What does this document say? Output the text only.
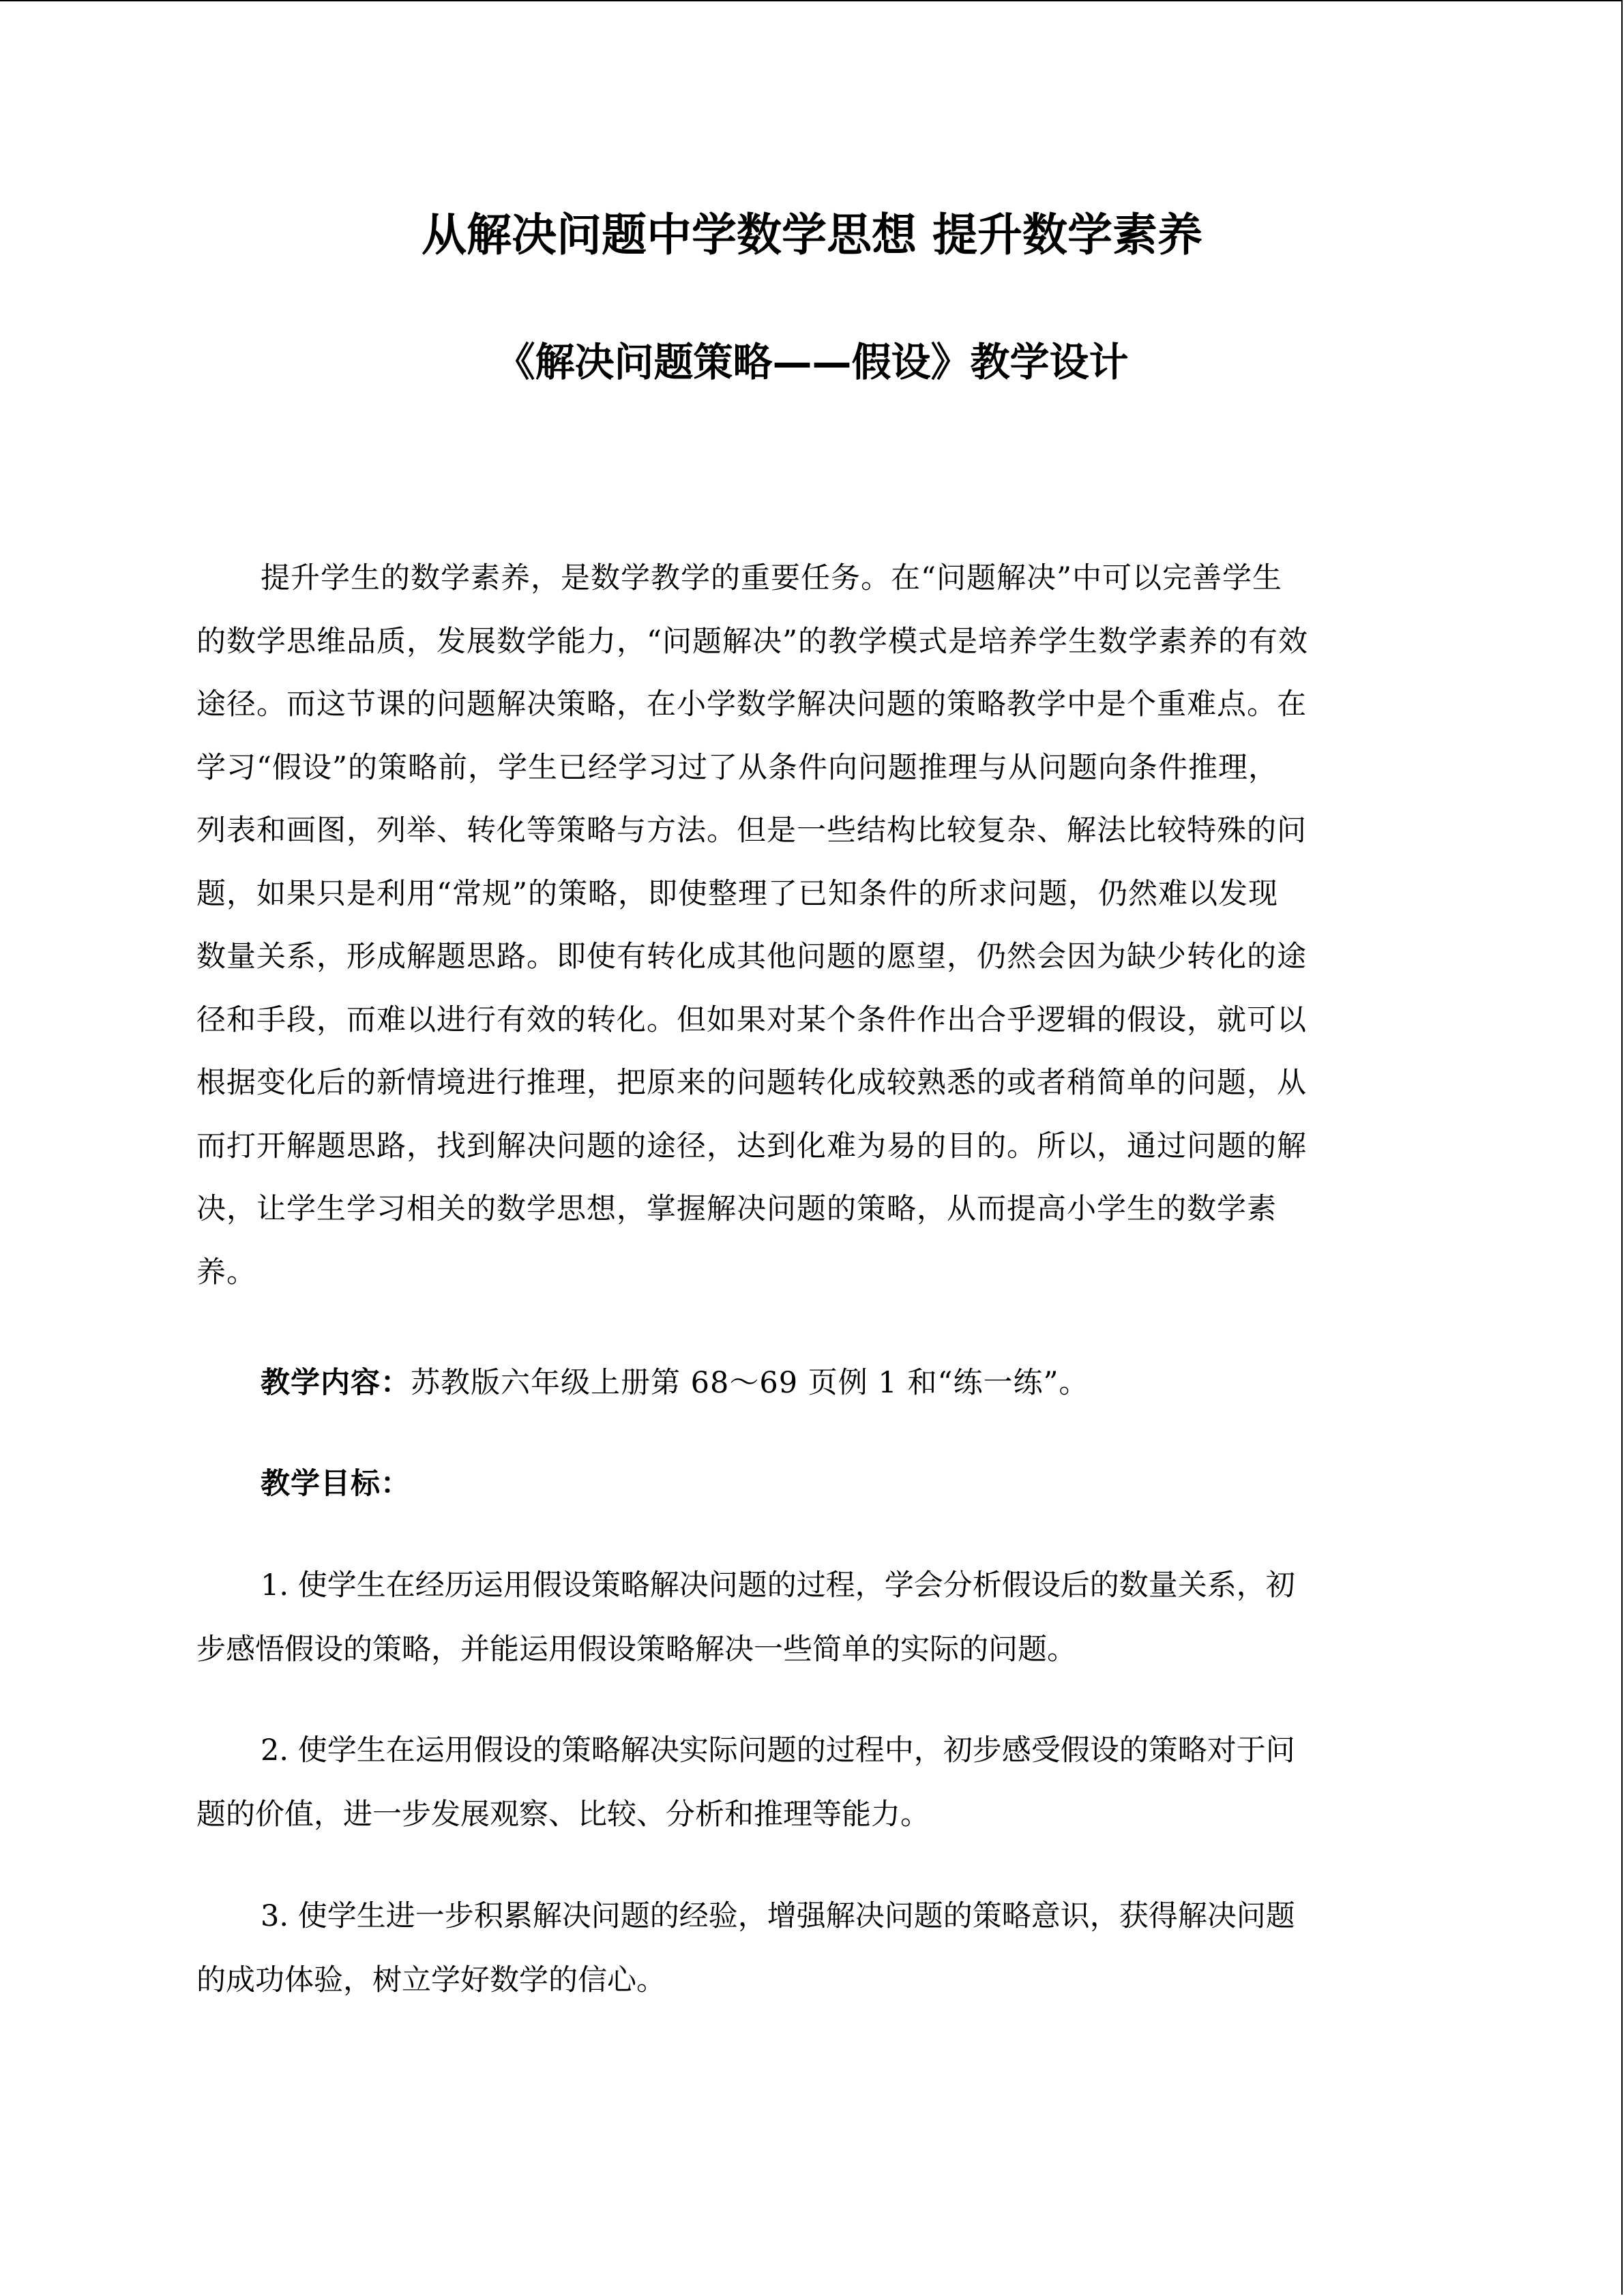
从解决问题中学数学思想 提升数学素养
《解决问题策略——假设》教学设计
提升学生的数学素养，是数学教学的重要任务。在“问题解决”中可以完善学生
的数学思维品质，发展数学能力，“问题解决”的教学模式是培养学生数学素养的有效
途径。而这节课的问题解决策略，在小学数学解决问题的策略教学中是个重难点。在
学习“假设”的策略前，学生已经学习过了从条件向问题推理与从问题向条件推理，
列表和画图，列举、转化等策略与方法。但是一些结构比较复杂、解法比较特殊的问
题，如果只是利用“常规”的策略，即使整理了已知条件的所求问题，仍然难以发现
数量关系，形成解题思路。即使有转化成其他问题的愿望，仍然会因为缺少转化的途
径和手段，而难以进行有效的转化。但如果对某个条件作出合乎逻辑的假设，就可以
根据变化后的新情境进行推理，把原来的问题转化成较熟悉的或者稍简单的问题，从
而打开解题思路，找到解决问题的途径，达到化难为易的目的。所以，通过问题的解
决，让学生学习相关的数学思想，掌握解决问题的策略，从而提高小学生的数学素
养。
教学内容：苏教版六年级上册第 68～69 页例 1 和“练一练”。
教学目标：
1. 使学生在经历运用假设策略解决问题的过程，学会分析假设后的数量关系，初
步感悟假设的策略，并能运用假设策略解决一些简单的实际的问题。
2. 使学生在运用假设的策略解决实际问题的过程中，初步感受假设的策略对于问
题的价值，进一步发展观察、比较、分析和推理等能力。
3. 使学生进一步积累解决问题的经验，增强解决问题的策略意识，获得解决问题
的成功体验，树立学好数学的信心。
